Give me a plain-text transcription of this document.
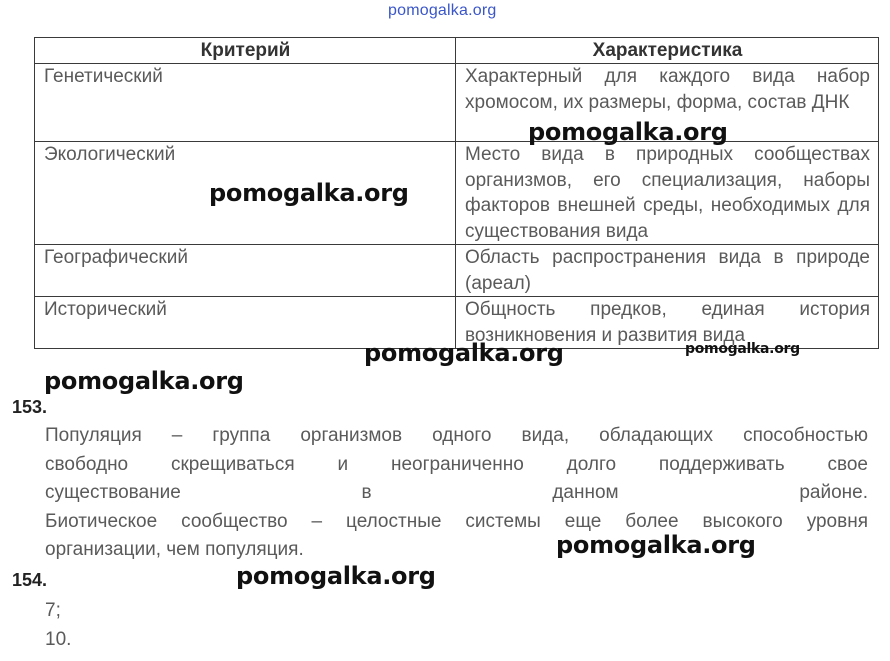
pomogalka.org
Критерий	Характеристика
Генетический	Характерный для каждого вида набор хромосом, их размеры, форма, состав ДНК
Экологический	Место вида в природных сообществах организмов, его специализация, наборы факторов внешней среды, необходимых для существования вида
Географический	Область распространения вида в природе (ареал)
Исторический	Общность предков, единая история возникновения и развития вида
pomogalka.org
pomogalka.org
pomogalka.org	pomogalka.org
pomogalka.org
153.
Популяция – группа организмов одного вида, обладающих способностью
свободно скрещиваться и неограниченно долго поддерживать свое
существование в данном районе.
Биотическое сообщество – целостные системы еще более высокого уровня
организации, чем популяция.	pomogalka.org
154.	pomogalka.org
7;
10.
